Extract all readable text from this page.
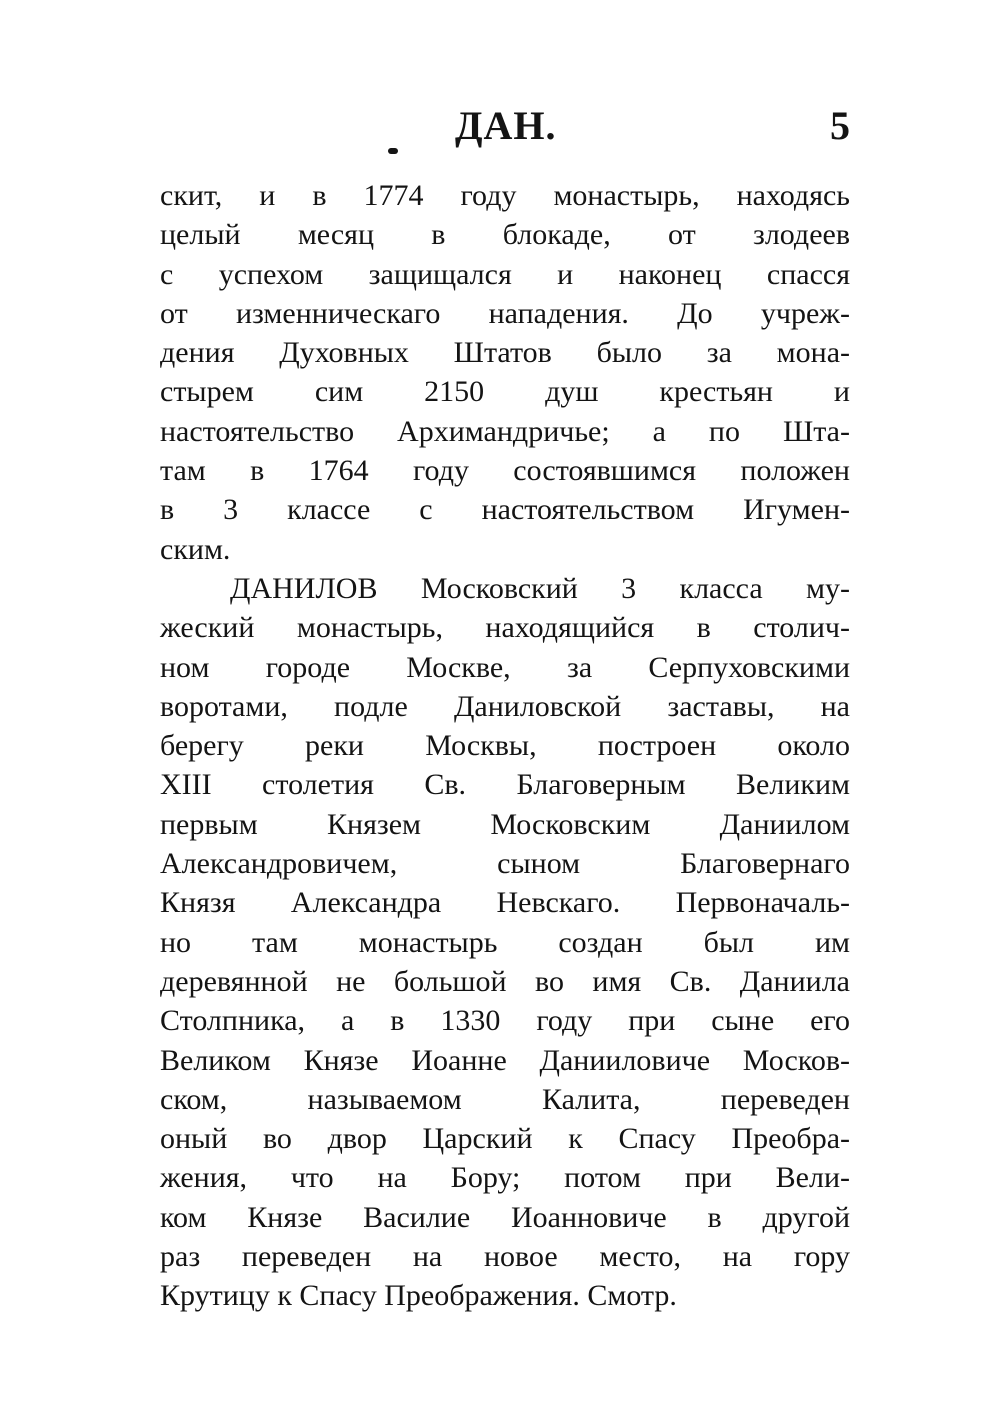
ДАН.	5
скит, и в 1774 году монастырь, находясь
целый месяц в блокаде, от злодеев
с успехом защищался и наконец спасся
от изменническаго нападения. До учреж-
дения Духовных Штатов было за мона-
стырем сим 2150 душ крестьян и
настоятельство Архимандричье; а по Шта-
там в 1764 году состоявшимся положен
в 3 классе с настоятельством Игумен-
ским.
ДАНИЛОВ Московский 3 класса му-
жеский монастырь, находящийся в столич-
ном городе Москве, за Серпуховскими
воротами, подле Даниловской заставы, на
берегу реки Москвы, построен около
XIII столетия Св. Благоверным Великим
первым Князем Московским Даниилом
Александровичем, сыном Благовернаго
Князя Александра Невскаго. Первоначаль-
но там монастырь создан был им
деревянной не большой во имя Св. Даниила
Столпника, а в 1330 году при сыне его
Великом Князе Иоанне Данииловиче Москов-
ском, называемом Калита, переведен
оный во двор Царский к Спасу Преобра-
жения, что на Бору; потом при Вели-
ком Князе Василие Иоанновиче в другой
раз переведен на новое место, на гору
Крутицу к Спасу Преображения. Смотр.
